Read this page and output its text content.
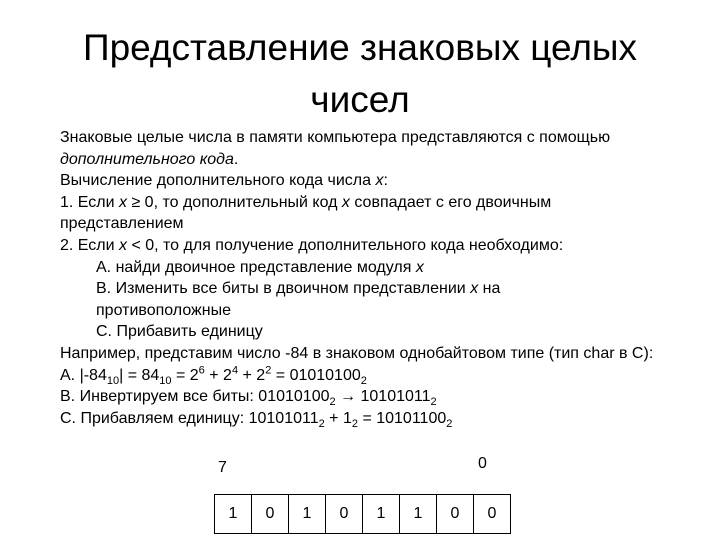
Представление знаковых целых
чисел
Знаковые целые числа в памяти компьютера представляются с помощью
дополнительного кода.
Вычисление дополнительного кода числа x:
1. Если x ≥ 0, то дополнительный код x совпадает с его двоичным представлением
2. Если x < 0, то для получение дополнительного кода необходимо:
А. найди двоичное представление модуля x
B. Изменить все биты в двоичном представлении x на противоположные
С. Прибавить единицу
Например, представим число -84 в знаковом однобайтовом типе (тип char в С):
A. $|-84_{10}| = 84_{10} = 2^6 + 2^4 + 2^2 = 01010100_2$
B. Инвертируем все биты: $01010100_2 \to 10101011_2$
С. Прибавляем единицу: $10101011_2 + 1_2 = 10101100_2$
7	0
1	0	1	0	1	1	0	0
